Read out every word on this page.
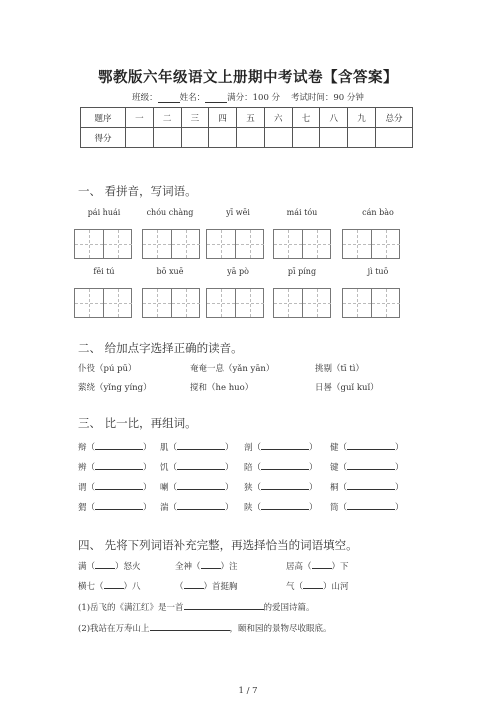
鄂教版六年级语文上册期中考试卷【含答案】
班级：	姓名：	满分：100 分 考试时间：90 分钟
题序	一	二	三	四	五	六	七	八	九	总分
得分										
一、 看拼音，写词语。
pái huái	chóu chàng	yī wēi	mái tóu	cán bào
fēi tú	bō xuē	yā pò	pī píng	jì tuō
二、 给加点字选择正确的读音。
仆役（pú pū）	奄奄一息（yǎn yān）	挑剔（tī tì）
萦绕（yǐng yíng）	搅和（he huo）	日晷（guǐ kuǐ）
三、 比一比，再组词。
辩（	） 肌（	） 剖（	） 健（	）
辨（	） 饥（	） 陪（	） 键（	）
谓（	） 喇（	） 狭（	） 桐（	）
猬（	） 湍（	） 陕（	） 筒（	）
四、 先将下列词语补充完整，再选择恰当的词语填空。
满（ ）怒火	全神（ ）注	居高（ ）下
横七（ ）八	（ ）首挺胸	气（ ）山河
(1)岳飞的《满江红》是一首	的爱国诗篇。
(2)我站在万寿山上	，颐和园的景物尽收眼底。
1 / 7
